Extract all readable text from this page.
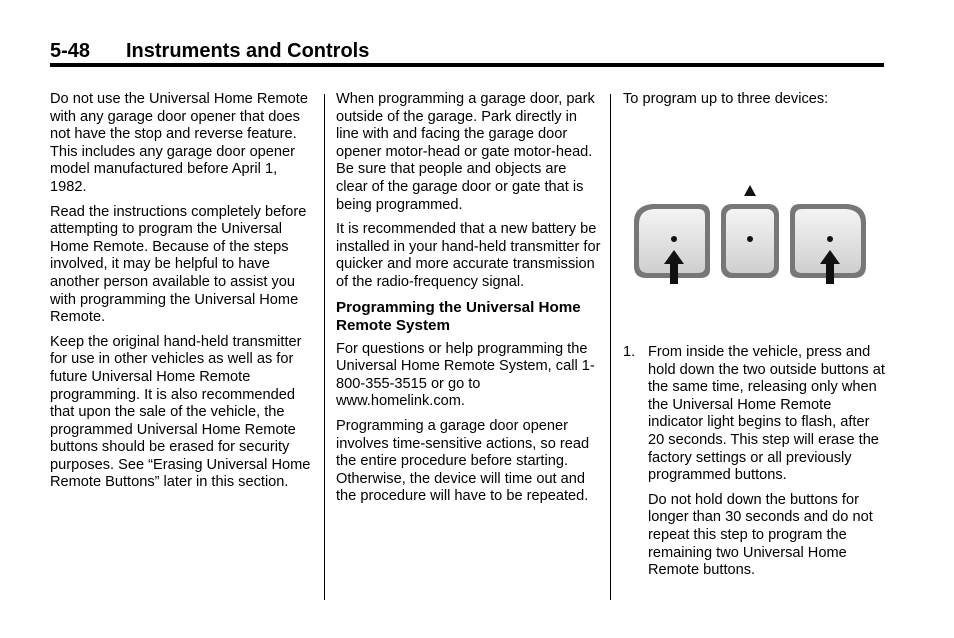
5-48 Instruments and Controls

Do not use the Universal Home Remote with any garage door opener that does not have the stop and reverse feature. This includes any garage door opener model manufactured before April 1, 1982.

Read the instructions completely before attempting to program the Universal Home Remote. Because of the steps involved, it may be helpful to have another person available to assist you with programming the Universal Home Remote.

Keep the original hand-held transmitter for use in other vehicles as well as for future Universal Home Remote programming. It is also recommended that upon the sale of the vehicle, the programmed Universal Home Remote buttons should be erased for security purposes. See “Erasing Universal Home Remote Buttons” later in this section.

When programming a garage door, park outside of the garage. Park directly in line with and facing the garage door opener motor-head or gate motor-head. Be sure that people and objects are clear of the garage door or gate that is being programmed.

It is recommended that a new battery be installed in your hand-held transmitter for quicker and more accurate transmission of the radio-frequency signal.

Programming the Universal Home Remote System

For questions or help programming the Universal Home Remote System, call 1-800-355-3515 or go to www.homelink.com.

Programming a garage door opener involves time-sensitive actions, so read the entire procedure before starting. Otherwise, the device will time out and the procedure will have to be repeated.

To program up to three devices:

1. From inside the vehicle, press and hold down the two outside buttons at the same time, releasing only when the Universal Home Remote indicator light begins to flash, after 20 seconds. This step will erase the factory settings or all previously programmed buttons.

Do not hold down the buttons for longer than 30 seconds and do not repeat this step to program the remaining two Universal Home Remote buttons.
